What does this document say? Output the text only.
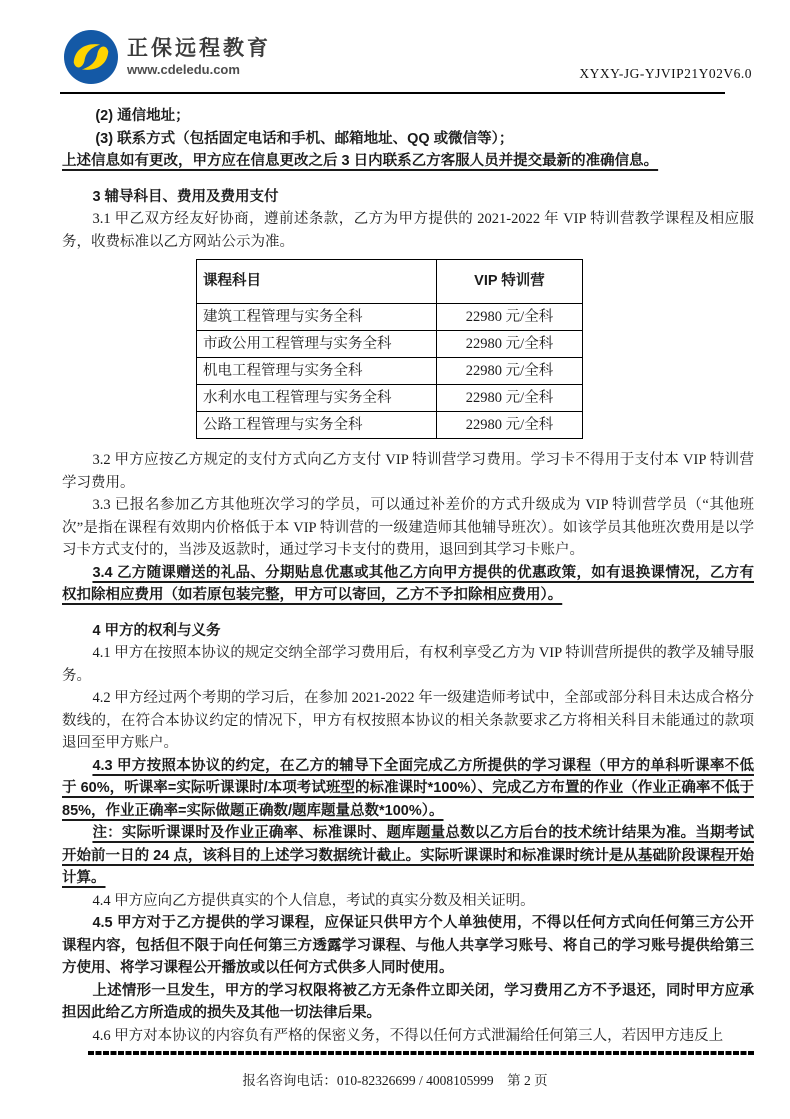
正保远程教育
www.cdeledu.com	XYXY-JG-YJVIP21Y02V6.0

(2) 通信地址；

(3) 联系方式（包括固定电话和手机、邮箱地址、QQ 或微信等）；

上述信息如有更改，甲方应在信息更改之后 3 日内联系乙方客服人员并提交最新的准确信息。

3 辅导科目、费用及费用支付

3.1 甲乙双方经友好协商，遵前述条款，乙方为甲方提供的 2021-2022 年 VIP 特训营教学课程及相应服务，收费标准以乙方网站公示为准。

课程科目	VIP 特训营
建筑工程管理与实务全科	22980 元/全科
市政公用工程管理与实务全科	22980 元/全科
机电工程管理与实务全科	22980 元/全科
水利水电工程管理与实务全科	22980 元/全科
公路工程管理与实务全科	22980 元/全科

3.2 甲方应按乙方规定的支付方式向乙方支付 VIP 特训营学习费用。学习卡不得用于支付本 VIP 特训营学习费用。

3.3 已报名参加乙方其他班次学习的学员，可以通过补差价的方式升级成为 VIP 特训营学员（“其他班次”是指在课程有效期内价格低于本 VIP 特训营的一级建造师其他辅导班次）。如该学员其他班次费用是以学习卡方式支付的，当涉及返款时，通过学习卡支付的费用，退回到其学习卡账户。

3.4 乙方随课赠送的礼品、分期贴息优惠或其他乙方向甲方提供的优惠政策，如有退换课情况，乙方有权扣除相应费用（如若原包装完整，甲方可以寄回，乙方不予扣除相应费用）。

4 甲方的权利与义务

4.1 甲方在按照本协议的规定交纳全部学习费用后，有权利享受乙方为 VIP 特训营所提供的教学及辅导服务。

4.2 甲方经过两个考期的学习后，在参加 2021-2022 年一级建造师考试中，全部或部分科目未达成合格分数线的，在符合本协议约定的情况下，甲方有权按照本协议的相关条款要求乙方将相关科目未能通过的款项退回至甲方账户。

4.3 甲方按照本协议的约定，在乙方的辅导下全面完成乙方所提供的学习课程（甲方的单科听课率不低于 60%，听课率=实际听课课时/本项考试班型的标准课时*100%）、完成乙方布置的作业（作业正确率不低于 85%，作业正确率=实际做题正确数/题库题量总数*100%）。

注：实际听课课时及作业正确率、标准课时、题库题量总数以乙方后台的技术统计结果为准。当期考试开始前一日的 24 点，该科目的上述学习数据统计截止。实际听课课时和标准课时统计是从基础阶段课程开始计算。

4.4 甲方应向乙方提供真实的个人信息，考试的真实分数及相关证明。

4.5 甲方对于乙方提供的学习课程，应保证只供甲方个人单独使用，不得以任何方式向任何第三方公开课程内容，包括但不限于向任何第三方透露学习课程、与他人共享学习账号、将自己的学习账号提供给第三方使用、将学习课程公开播放或以任何方式供多人同时使用。

上述情形一旦发生，甲方的学习权限将被乙方无条件立即关闭，学习费用乙方不予退还，同时甲方应承担因此给乙方所造成的损失及其他一切法律后果。

4.6 甲方对本协议的内容负有严格的保密义务，不得以任何方式泄漏给任何第三人，若因甲方违反上

报名咨询电话：010-82326699 / 4008105999　第 2 页
